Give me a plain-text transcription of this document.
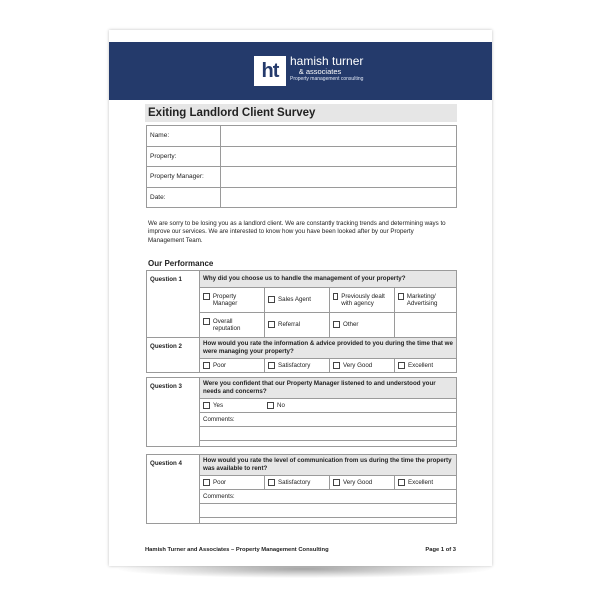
ht hamish turner
& associates
Property management consulting
Exiting Landlord Client Survey
Name:	
Property:	
Property Manager:	
Date:	
We are sorry to be losing you as a landlord client. We are constantly tracking trends and determining ways to improve our services. We are interested to know how you have been looked after by our Property Management Team.
Our Performance
Question 1	Why did you choose us to handle the management of your property?			

	Property Manager	Sales Agent	Previously dealt with agency	Marketing/ Advertising

	Overall reputation	Referral	Other	

Question 2	How would you rate the information & advice provided to you during the time that we were managing your property?			

	Poor	Satisfactory	Very Good	Excellent
Question 3	Were you confident that our Property Manager listened to and understood your needs and concerns?	

	Yes	No

	Comments:	

Question 4	How would you rate the level of communication from us during the time the property was available to rent?			

	Poor	Satisfactory	Very Good	Excellent

	Comments:			

Hamish Turner and Associates – Property Management Consulting	Page 1 of 3
